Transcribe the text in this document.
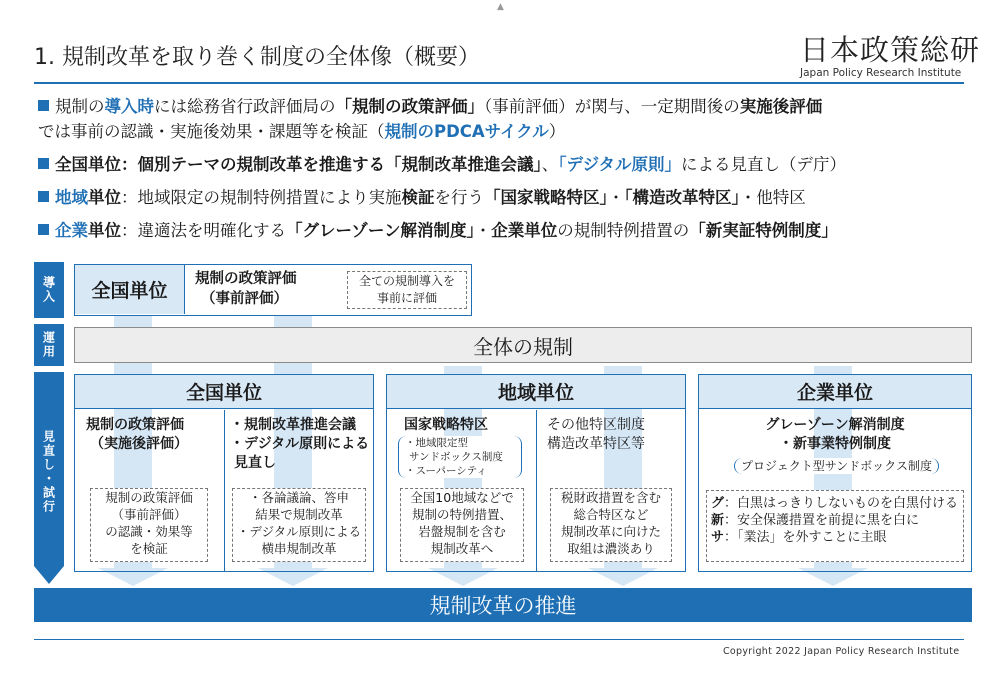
▲
1. 規制改革を取り巻く制度の全体像（概要）	日本政策総研
Japan Policy Research Institute
規制の導入時には総務省行政評価局の「規制の政策評価」（事前評価）が関与、一定期間後の実施後評価
では事前の認識・実施後効果・課題等を検証（規制のPDCAサイクル）
全国単位：個別テーマの規制改革を推進する「規制改革推進会議」、「デジタル原則」による見直し（デ庁）
地域単位：地域限定の規制特例措置により実施検証を行う「国家戦略特区」・「構造改革特区」・他特区
企業単位：違適法を明確化する「グレーゾーン解消制度」・企業単位の規制特例措置の「新実証特例制度」
導入
運用
見直し・試行
全国単位
規制の政策評価
（事前評価）
全ての規制導入を
事前に評価
全体の規制
全国単位
規制の政策評価
（実施後評価）
・規制改革推進会議
・デジタル原則による
見直し
規制の政策評価
（事前評価）
の認識・効果等
を検証
・各論議論、答申
結果で規制改革
・デジタル原則による
横串規制改革
地域単位
国家戦略特区
・地域限定型
サンドボックス制度
・スーパーシティ
その他特区制度
構造改革特区等
全国10地域などで
規制の特例措置、
岩盤規制を含む
規制改革へ
税財政措置を含む
総合特区など
規制改革に向けた
取組は濃淡あり
企業単位
グレーゾーン解消制度
・新事業特例制度
プロジェクト型サンドボックス制度
グ：白黒はっきりしないものを白黒付ける
新：安全保護措置を前提に黒を白に
サ：「業法」を外すことに主眼
規制改革の推進
Copyright 2022 Japan Policy Research Institute
